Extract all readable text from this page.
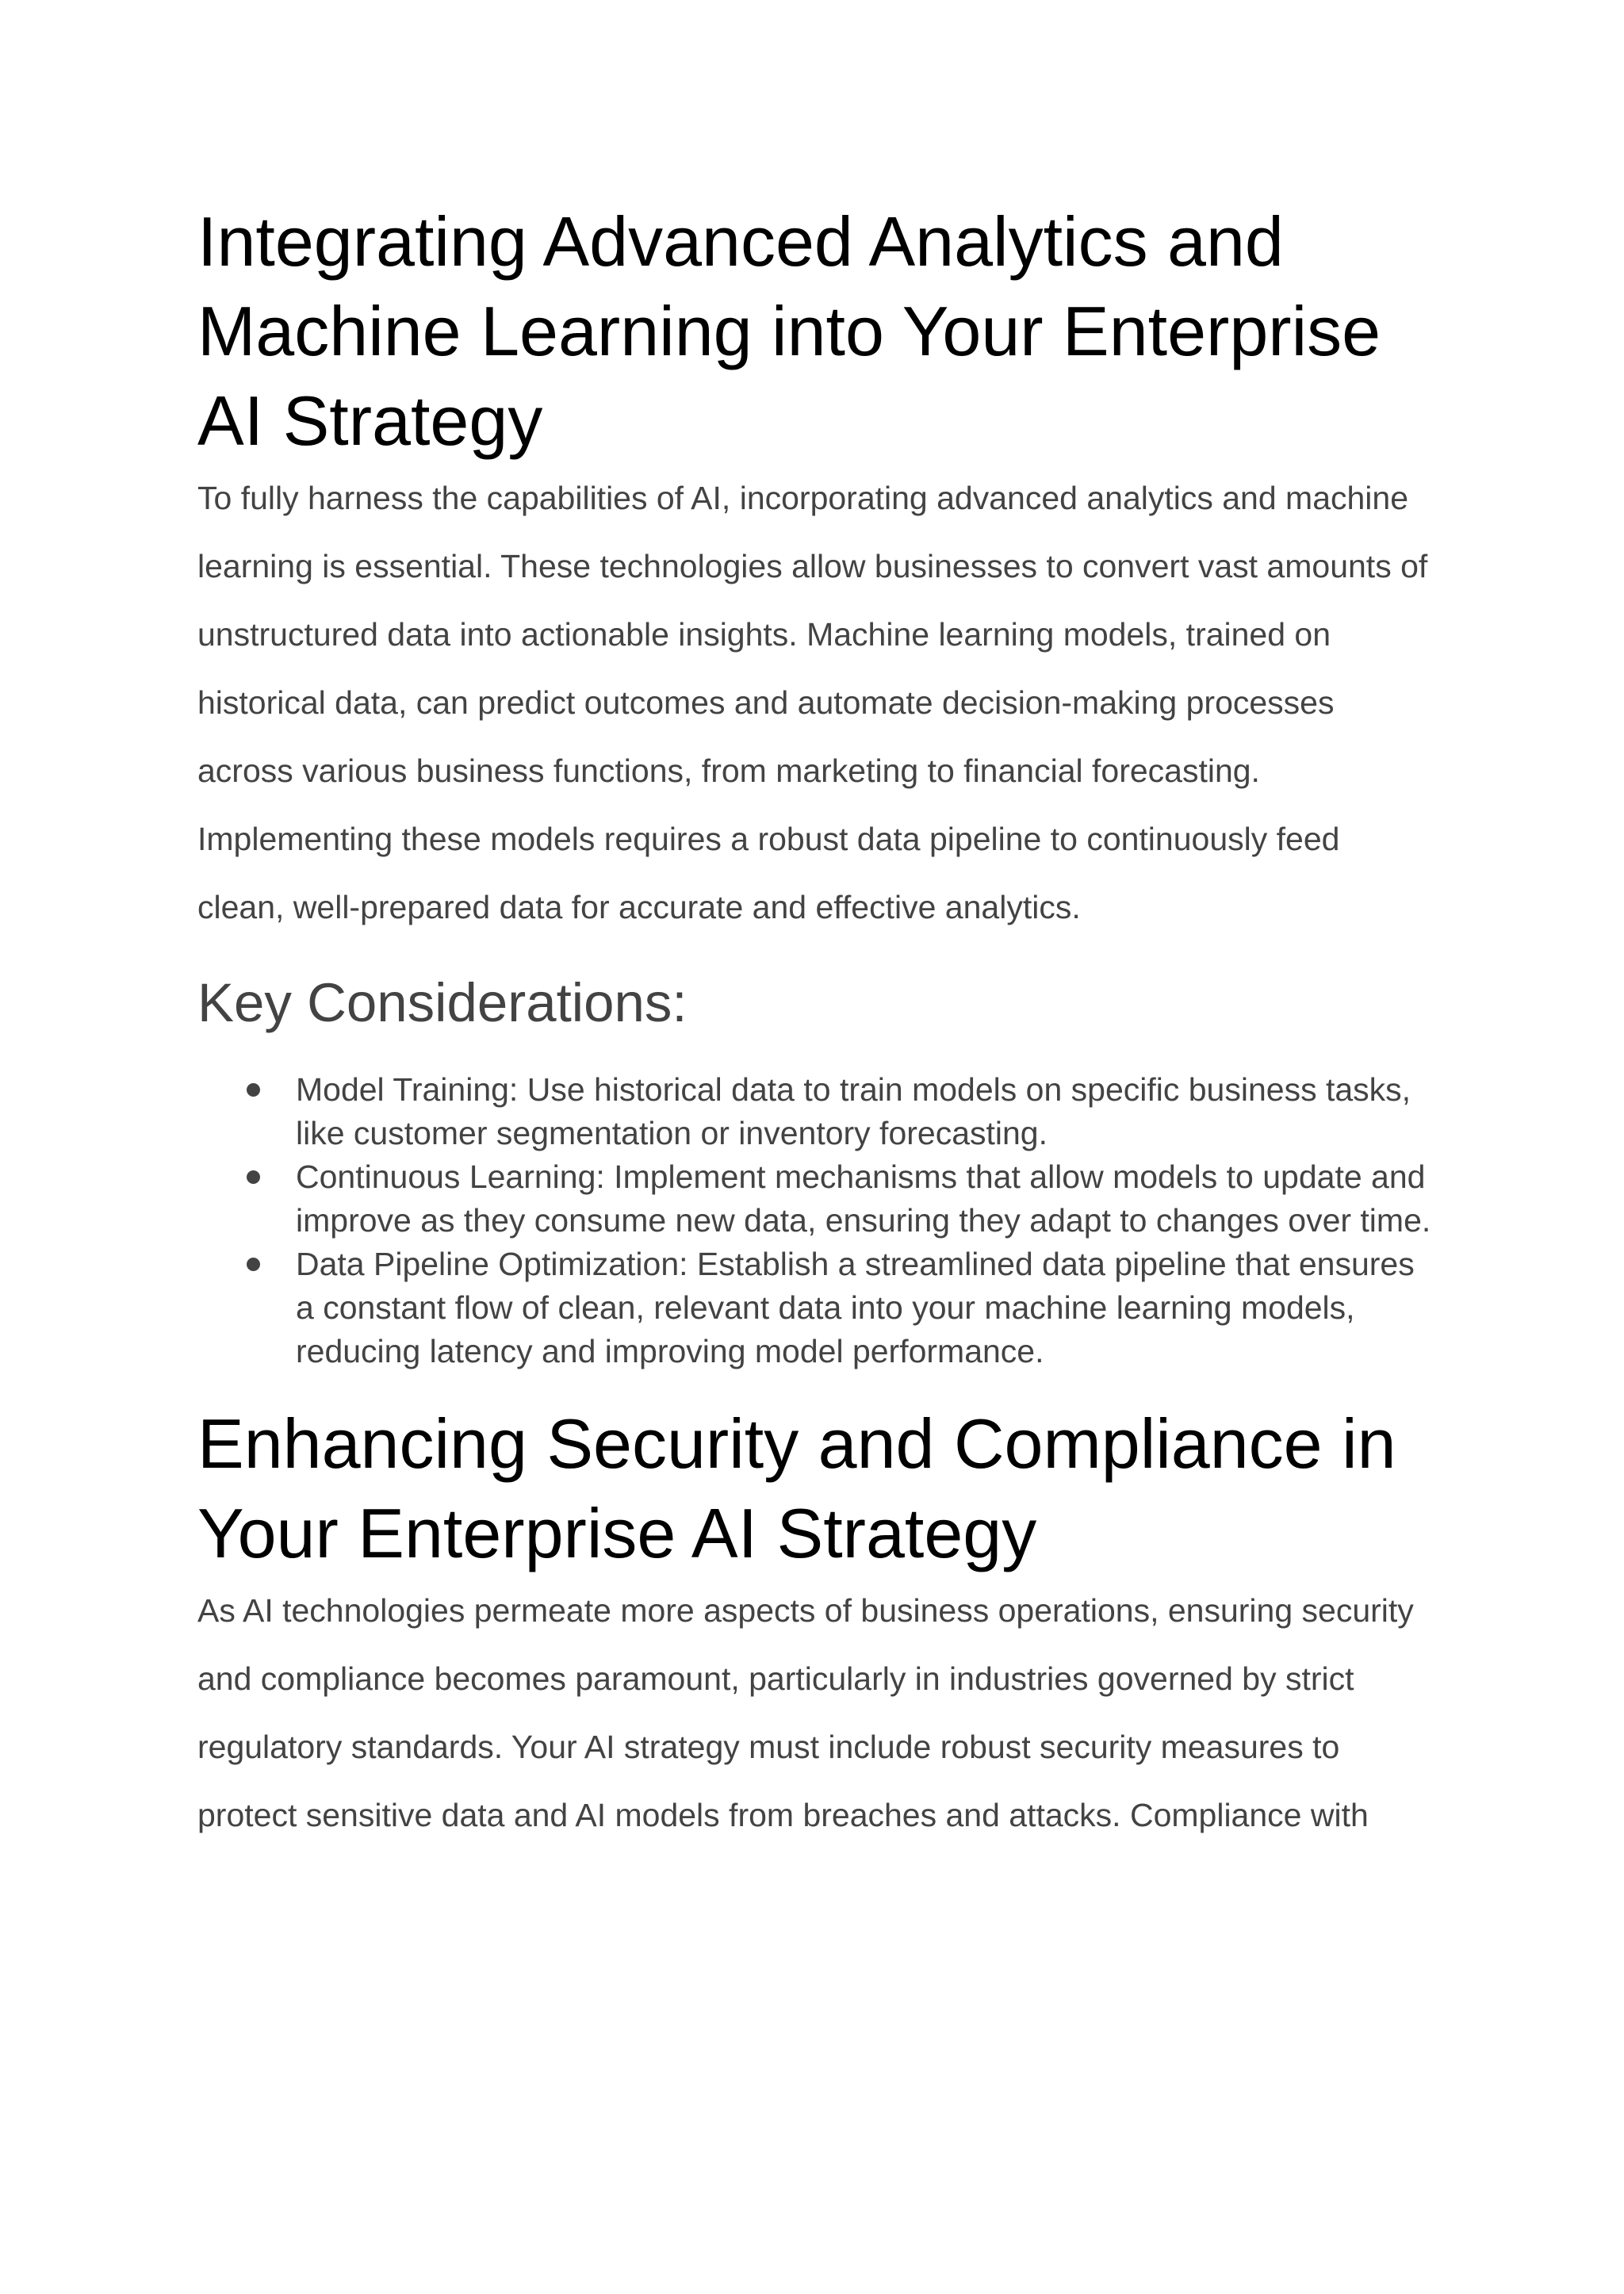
Integrating Advanced Analytics and Machine Learning into Your Enterprise AI Strategy

To fully harness the capabilities of AI, incorporating advanced analytics and machine learning is essential. These technologies allow businesses to convert vast amounts of unstructured data into actionable insights. Machine learning models, trained on historical data, can predict outcomes and automate decision-making processes across various business functions, from marketing to financial forecasting. Implementing these models requires a robust data pipeline to continuously feed clean, well-prepared data for accurate and effective analytics.

Key Considerations:
Model Training: Use historical data to train models on specific business tasks, like customer segmentation or inventory forecasting.
Continuous Learning: Implement mechanisms that allow models to update and improve as they consume new data, ensuring they adapt to changes over time.
Data Pipeline Optimization: Establish a streamlined data pipeline that ensures a constant flow of clean, relevant data into your machine learning models, reducing latency and improving model performance.
Enhancing Security and Compliance in Your Enterprise AI Strategy

As AI technologies permeate more aspects of business operations, ensuring security and compliance becomes paramount, particularly in industries governed by strict regulatory standards. Your AI strategy must include robust security measures to protect sensitive data and AI models from breaches and attacks. Compliance with
